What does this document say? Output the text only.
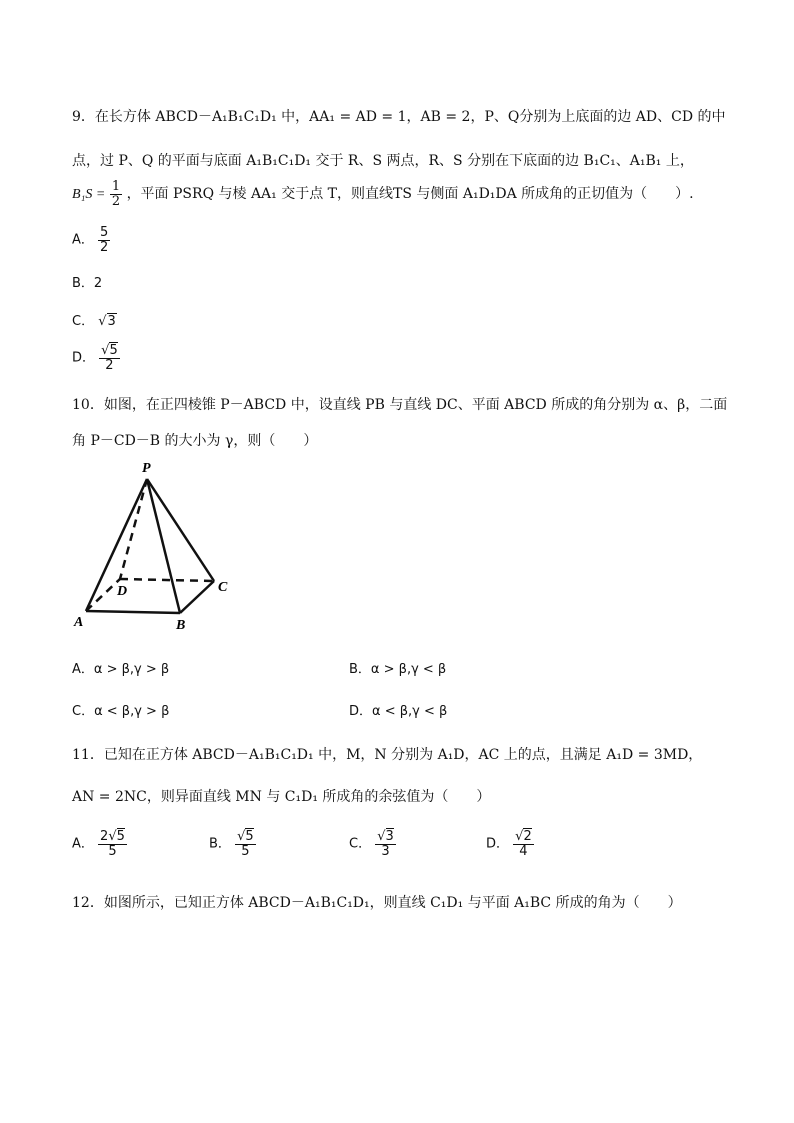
9．在长方体 ABCD－A₁B₁C₁D₁ 中，AA₁ = AD = 1，AB = 2，P、Q分别为上底面的边 AD、CD 的中
点，过 P、Q 的平面与底面 A₁B₁C₁D₁ 交于 R、S 两点，R、S 分别在下底面的边 B₁C₁、A₁B₁ 上，
$B_1S = \frac{1}{2}$ ，平面 PSRQ 与棱 AA₁ 交于点 T，则直线TS 与侧面 A₁D₁DA 所成角的正切值为（　　）.
A． $\frac{5}{2}$
B．2
C． √3
D． $\frac{√5}{2}$
10．如图，在正四棱锥 P－ABCD 中，设直线 PB 与直线 DC、平面 ABCD 所成的角分别为 α、β，二面
角 P－CD－B 的大小为 γ，则（　　）
P
A	B
C
D
A．α > β,γ > β	B．α > β,γ < β
C．α < β,γ > β	D．α < β,γ < β
11．已知在正方体 ABCD－A₁B₁C₁D₁ 中，M，N 分别为 A₁D，AC 上的点，且满足 A₁D = 3MD，
AN = 2NC，则异面直线 MN 与 C₁D₁ 所成角的余弦值为（　　）
A． $\frac{2√5}{5}$	B． $\frac{√5}{5}$	C． $\frac{√3}{3}$	D． $\frac{√2}{4}$
12．如图所示，已知正方体 ABCD－A₁B₁C₁D₁，则直线 C₁D₁ 与平面 A₁BC 所成的角为（　　）
